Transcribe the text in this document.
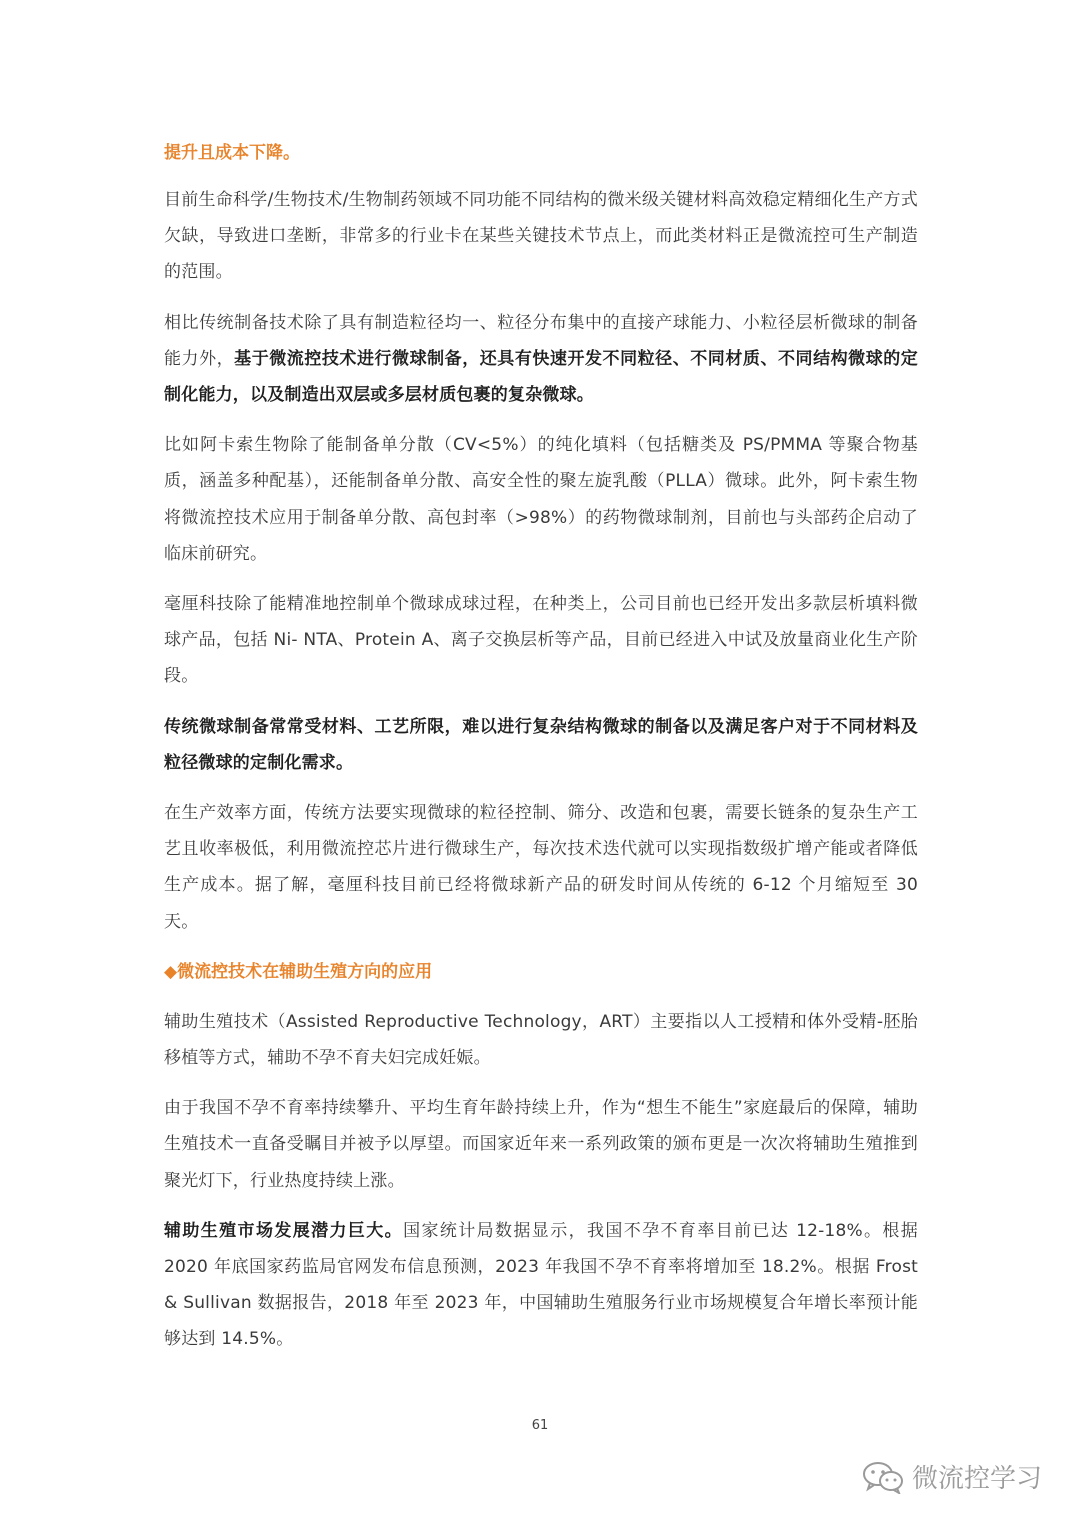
提升且成本下降。

目前生命科学/生物技术/生物制药领域不同功能不同结构的微米级关键材料高效稳定精细化生产方式欠缺，导致进口垄断，非常多的行业卡在某些关键技术节点上，而此类材料正是微流控可生产制造的范围。

相比传统制备技术除了具有制造粒径均一、粒径分布集中的直接产球能力、小粒径层析微球的制备能力外，基于微流控技术进行微球制备，还具有快速开发不同粒径、不同材质、不同结构微球的定制化能力，以及制造出双层或多层材质包裹的复杂微球。

比如阿卡索生物除了能制备单分散（CV<5%）的纯化填料（包括糖类及 PS/PMMA 等聚合物基质，涵盖多种配基），还能制备单分散、高安全性的聚左旋乳酸（PLLA）微球。此外，阿卡索生物将微流控技术应用于制备单分散、高包封率（>98%）的药物微球制剂，目前也与头部药企启动了临床前研究。

毫厘科技除了能精准地控制单个微球成球过程，在种类上，公司目前也已经开发出多款层析填料微球产品，包括 Ni- NTA、Protein A、离子交换层析等产品，目前已经进入中试及放量商业化生产阶段。

传统微球制备常常受材料、工艺所限，难以进行复杂结构微球的制备以及满足客户对于不同材料及粒径微球的定制化需求。

在生产效率方面，传统方法要实现微球的粒径控制、筛分、改造和包裹，需要长链条的复杂生产工艺且收率极低，利用微流控芯片进行微球生产，每次技术迭代就可以实现指数级扩增产能或者降低生产成本。据了解，毫厘科技目前已经将微球新产品的研发时间从传统的 6-12 个月缩短至 30 天。

◆微流控技术在辅助生殖方向的应用

辅助生殖技术（Assisted Reproductive Technology，ART）主要指以人工授精和体外受精-胚胎移植等方式，辅助不孕不育夫妇完成妊娠。

由于我国不孕不育率持续攀升、平均生育年龄持续上升，作为“想生不能生”家庭最后的保障，辅助生殖技术一直备受瞩目并被予以厚望。而国家近年来一系列政策的颁布更是一次次将辅助生殖推到聚光灯下，行业热度持续上涨。

辅助生殖市场发展潜力巨大。国家统计局数据显示，我国不孕不育率目前已达 12-18%。根据 2020 年底国家药监局官网发布信息预测，2023 年我国不孕不育率将增加至 18.2%。根据 Frost & Sullivan 数据报告，2018 年至 2023 年，中国辅助生殖服务行业市场规模复合年增长率预计能够达到 14.5%。

61
微流控学习
